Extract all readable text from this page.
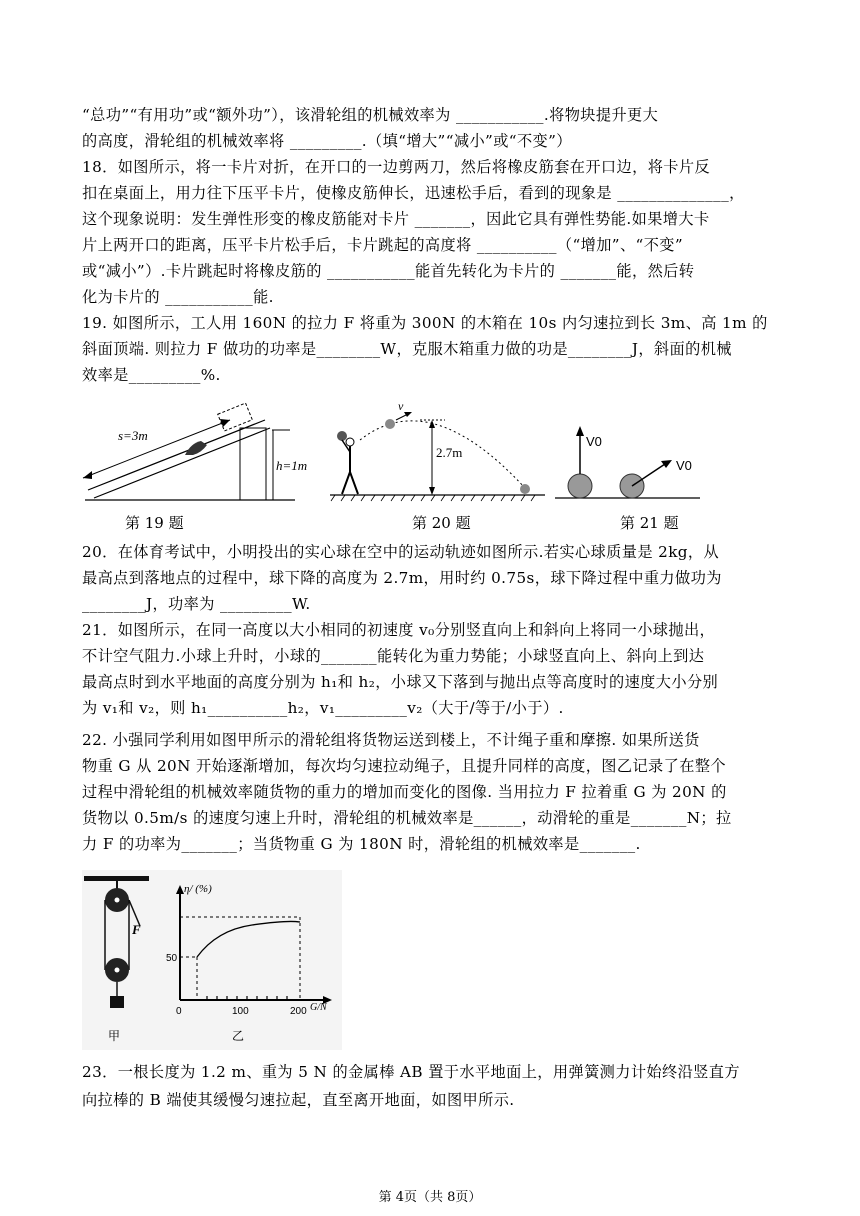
“总功”“有用功”或“额外功”），该滑轮组的机械效率为 ___________.将物块提升更大
的高度，滑轮组的机械效率将 _________.（填“增大”“减小”或“不变”）
18．如图所示，将一卡片对折，在开口的一边剪两刀，然后将橡皮筋套在开口边，将卡片反
扣在桌面上，用力往下压平卡片，使橡皮筋伸长，迅速松手后，看到的现象是 ______________，
这个现象说明：发生弹性形变的橡皮筋能对卡片 _______，因此它具有弹性势能.如果增大卡
片上两开口的距离，压平卡片松手后，卡片跳起的高度将 __________（“增加”、“不变”
或“减小”）.卡片跳起时将橡皮筋的 ___________能首先转化为卡片的 _______能，然后转
化为卡片的 ___________能.
19. 如图所示，工人用 160N 的拉力 F 将重为 300N 的木箱在 10s 内匀速拉到长 3m、高 1m 的
斜面顶端. 则拉力 F 做功的功率是________W，克服木箱重力做的功是________J，斜面的机械
效率是_________%.
s=3m
h=1m
v
2.7m
V0
V0
第 19 题	第 20 题	第 21 题
20．在体育考试中，小明投出的实心球在空中的运动轨迹如图所示.若实心球质量是 2kg，从
最高点到落地点的过程中，球下降的高度为 2.7m，用时约 0.75s，球下降过程中重力做功为
________J，功率为 _________W.
21．如图所示，在同一高度以大小相同的初速度 v₀分别竖直向上和斜向上将同一小球抛出，
不计空气阻力.小球上升时，小球的_______能转化为重力势能；小球竖直向上、斜向上到达
最高点时到水平地面的高度分别为 h₁和 h₂，小球又下落到与抛出点等高度时的速度大小分别
为 v₁和 v₂，则 h₁__________h₂，v₁_________v₂（大于/等于/小于）.
22. 小强同学利用如图甲所示的滑轮组将货物运送到楼上，不计绳子重和摩擦. 如果所送货
物重 G 从 20N 开始逐渐增加，每次均匀速拉动绳子，且提升同样的高度，图乙记录了在整个
过程中滑轮组的机械效率随货物的重力的增加而变化的图像. 当用拉力 F 拉着重 G 为 20N 的
货物以 0.5m/s 的速度匀速上升时，滑轮组的机械效率是______，动滑轮的重是_______N；拉
力 F 的功率为_______；当货物重 G 为 180N 时，滑轮组的机械效率是_______.
F
甲
η/ (%)
50
0	100	200 G/N
乙
23．一根长度为 1.2 m、重为 5 N 的金属棒 AB 置于水平地面上，用弹簧测力计始终沿竖直方
向拉棒的 B 端使其缓慢匀速拉起，直至离开地面，如图甲所示.
第 4页（共 8页）
